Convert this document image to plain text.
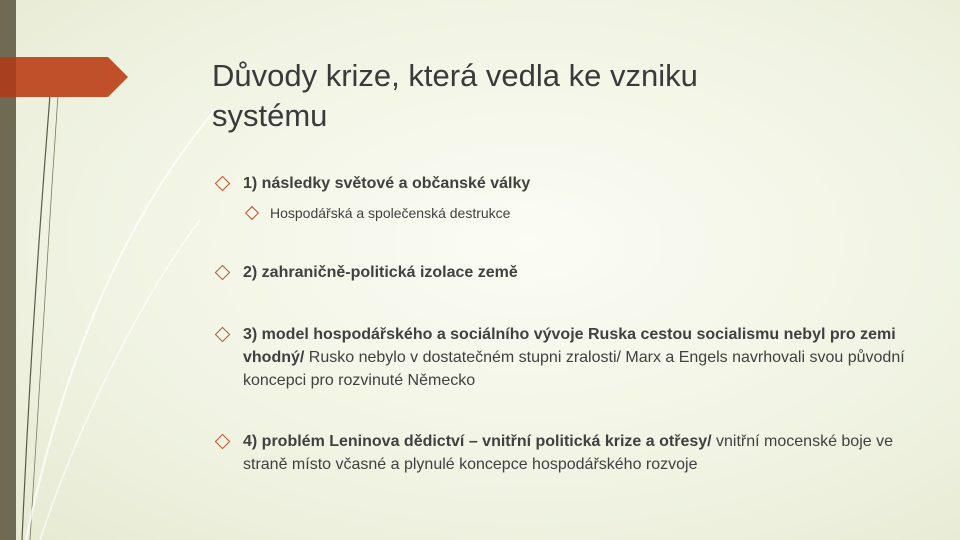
Důvody krize, která vedla ke vzniku
systému
1) následky světové a občanské války
Hospodářská a společenská destrukce
2) zahraničně-politická izolace země
3) model hospodářského a sociálního vývoje Ruska cestou socialismu nebyl pro zemi vhodný/ Rusko nebylo v dostatečném stupni zralosti/ Marx a Engels navrhovali svou původní koncepci pro rozvinuté Německo
4) problém Leninova dědictví – vnitřní politická krize a otřesy/ vnitřní mocenské boje ve straně místo včasné a plynulé koncepce hospodářského rozvoje
